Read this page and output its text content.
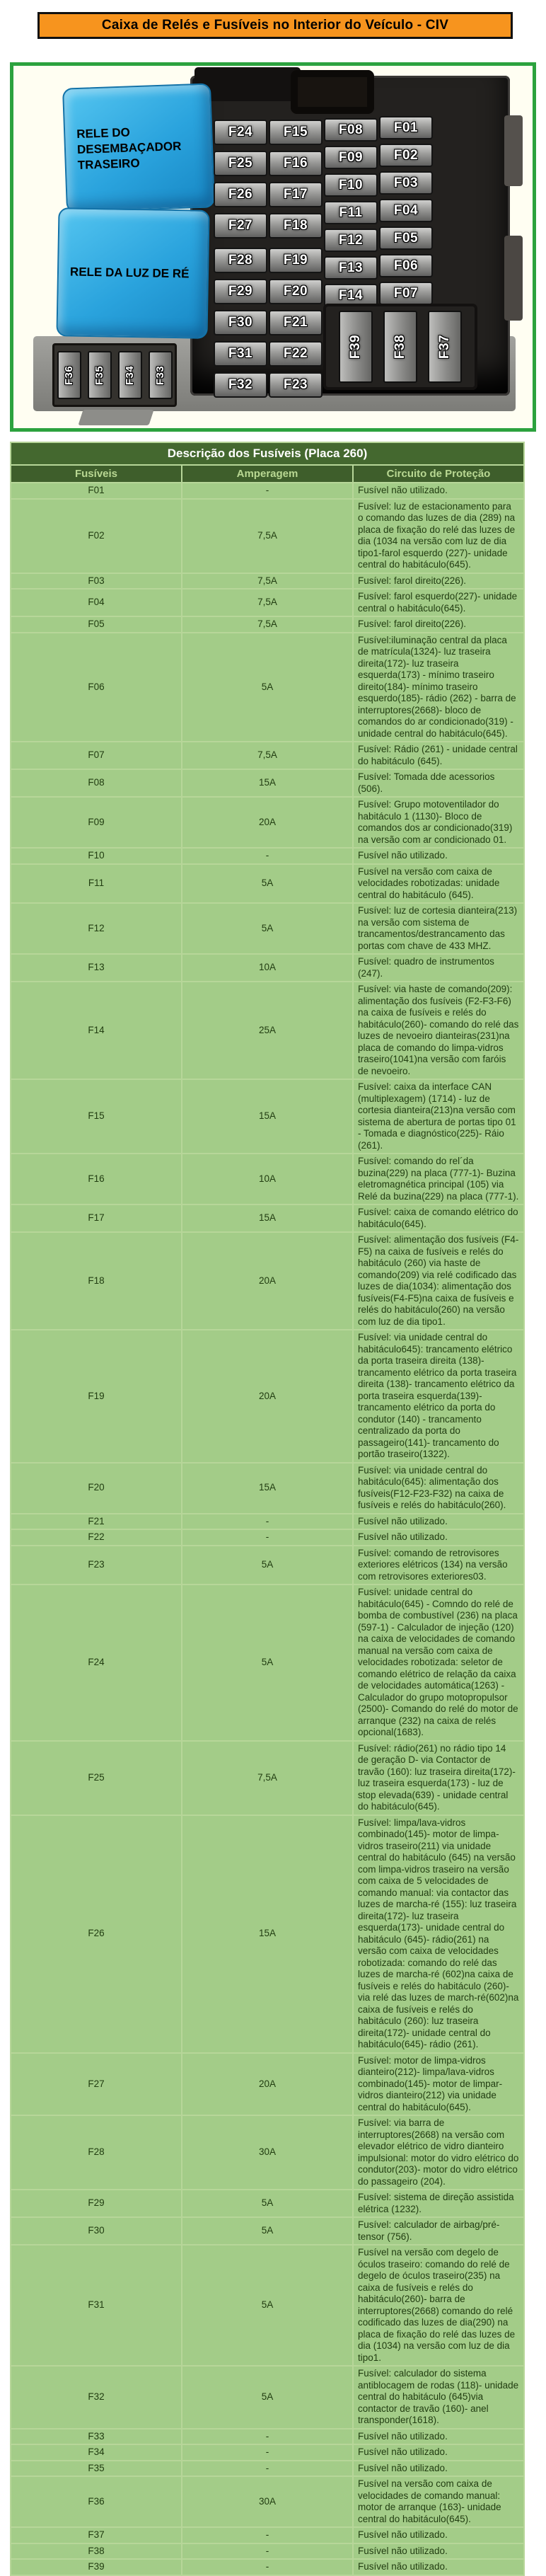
Caixa de Relés e Fusíveis no Interior do Veículo - CIV
RELE DO DESEMBAÇADOR TRASEIRO
RELE DA LUZ DE RÉ
F24
F25
F26
F27
F28
F29
F30
F31
F32
F15
F16
F17
F18
F19
F20
F21
F22
F23
F08
F09
F10
F11
F12
F13
F14
F01
F02
F03
F04
F05
F06
F07
F36 F35 F34 F33
F39 F38 F37
Descrição dos Fusíveis (Placa 260)		
Fusíveis	Amperagem	Circuito de Proteção
F01	-	Fusível não utilizado.
F02	7,5A	Fusível: luz de estacionamento para o comando das luzes de dia (289) na placa de fixação do relé das luzes de dia (1034 na versão com luz de dia tipo1-farol esquerdo (227)- unidade central do habitáculo(645).
F03	7,5A	Fusível: farol direito(226).
F04	7,5A	Fusível: farol esquerdo(227)- unidade central o habitáculo(645).
F05	7,5A	Fusível: farol direito(226).
F06	5A	Fusível:iluminação central da placa de matrícula(1324)- luz traseira direita(172)- luz traseira esquerda(173) - mínimo traseiro direito(184)- mínimo traseiro esquerdo(185)- rádio (262) - barra de interruptores(2668)- bloco de comandos do ar condicionado(319) - unidade central do habitáculo(645).
F07	7,5A	Fusível: Rádio (261) - unidade central do habitáculo (645).
F08	15A	Fusível: Tomada dde acessorios (506).
F09	20A	Fusível: Grupo motoventilador do habitáculo 1 (1130)- Bloco de comandos dos ar condicionado(319) na versão com ar condicionado 01.
F10	-	Fusível não utilizado.
F11	5A	Fusível na versão com caixa de velocidades robotizadas: unidade central do habitáculo (645).
F12	5A	Fusível: luz de cortesia dianteira(213) na versão com sistema de trancamentos/destrancamento das portas com chave de 433 MHZ.
F13	10A	Fusível: quadro de instrumentos (247).
F14	25A	Fusível: via haste de comando(209): alimentação dos fusíveis (F2-F3-F6) na caixa de fusíveis e relés do habitáculo(260)- comando do relé das luzes de nevoeiro dianteiras(231)na placa de comando do limpa-vidros traseiro(1041)na versão com faróis de nevoeiro.
F15	15A	Fusível: caixa da interface CAN (multiplexagem) (1714) - luz de cortesia dianteira(213)na versão com sistema de abertura de portas tipo 01 - Tomada e diagnóstico(225)- Ráio (261).
F16	10A	Fusível: comando do rel´da buzina(229) na placa (777-1)- Buzina eletromagnética principal (105) via Relé da buzina(229) na placa (777-1).
F17	15A	Fusível: caixa de comando elétrico do habitáculo(645).
F18	20A	Fusível: alimentação dos fusíveis (F4-F5) na caixa de fusíveis e relés do habitáculo (260) via haste de comando(209) via relé codificado das luzes de dia(1034): alimentação dos fusíveis(F4-F5)na caixa de fusíveis e relés do habitáculo(260) na versão com luz de dia tipo1.
F19	20A	Fusível: via unidade central do habitáculo645): trancamento elétrico da porta traseira direita (138)- trancamento elétrico da porta traseira direita (138)- trancamento elétrico da porta traseira esquerda(139)- trancamento elétrico da porta do condutor (140) - trancamento centralizado da porta do passageiro(141)- trancamento do portão traseiro(1322).
F20	15A	Fusível: via unidade central do habitáculo(645): alimentação dos fusíveis(F12-F23-F32) na caixa de fusíveis e relés do habitáculo(260).
F21	-	Fusível não utilizado.
F22	-	Fusível não utilizado.
F23	5A	Fusível: comando de retrovisores exteriores elétricos (134) na versão com retrovisores exteriores03.
F24	5A	Fusível: unidade central do habitáculo(645) - Comndo do relé de bomba de combustível (236) na placa (597-1) - Calculador de injeção (120) na caixa de velocidades de comando manual na versão com caixa de velocidades robotizada: seletor de comando elétrico de relação da caixa de velocidades automática(1263) - Calculador do grupo motopropulsor (2500)- Comando do relé do motor de arranque (232) na caixa de relés opcional(1683).
F25	7,5A	Fusível: rádio(261) no rádio tipo 14 de geração D- via Contactor de travão (160): luz traseira direita(172)- luz traseira esquerda(173) - luz de stop elevada(639) - unidade central do habitáculo(645).
F26	15A	Fusível: limpa/lava-vidros combinado(145)- motor de limpa-vidros traseiro(211) via unidade central do habitáculo (645) na versão com limpa-vidros traseiro na versão com caixa de 5 velocidades de comando manual: via contactor das luzes de marcha-ré (155): luz traseira direita(172)- luz traseira esquerda(173)- unidade central do habitáculo (645)- rádio(261) na versão com caixa de velocidades robotizada: comando do relé das luzes de marcha-ré (602)na caixa de fusíveis e relés do habitáculo (260)- via relé das luzes de march-ré(602)na caixa de fusíveis e relés do habitáculo (260): luz traseira direita(172)- unidade central do habitáculo(645)- rádio (261).
F27	20A	Fusível: motor de limpa-vidros dianteiro(212)- limpa/lava-vidros combinado(145)- motor de limpar- vidros dianteiro(212) via unidade central do habitáculo(645).
F28	30A	Fusível: via barra de interruptores(2668) na versão com elevador elétrico de vidro dianteiro impulsional: motor do vidro elétrico do condutor(203)- motor do vidro elétrico do passageiro (204).
F29	5A	Fusível: sistema de direção assistida elétrica (1232).
F30	5A	Fusível: calculador de airbag/pré-tensor (756).
F31	5A	Fusível na versão com degelo de óculos traseiro: comando do relé de degelo de óculos traseiro(235) na caixa de fusíveis e relés do habitáculo(260)- barra de interruptores(2668) comando do relé codificado das luzes de dia(290) na placa de fixação do relé das luzes de dia (1034) na versão com luz de dia tipo1.
F32	5A	Fusível: calculador do sistema antiblocagem de rodas (118)- unidade central do habitáculo (645)via contactor de travão (160)- anel transponder(1618).
F33	-	Fusível não utilizado.
F34	-	Fusível não utilizado.
F35	-	Fusível não utilizado.
F36	30A	Fusível na versão com caixa de velocidades de comando manual: motor de arranque (163)- unidade central do habitáculo(645).
F37	-	Fusível não utilizado.
F38	-	Fusível não utilizado.
F39	-	Fusível não utilizado.
